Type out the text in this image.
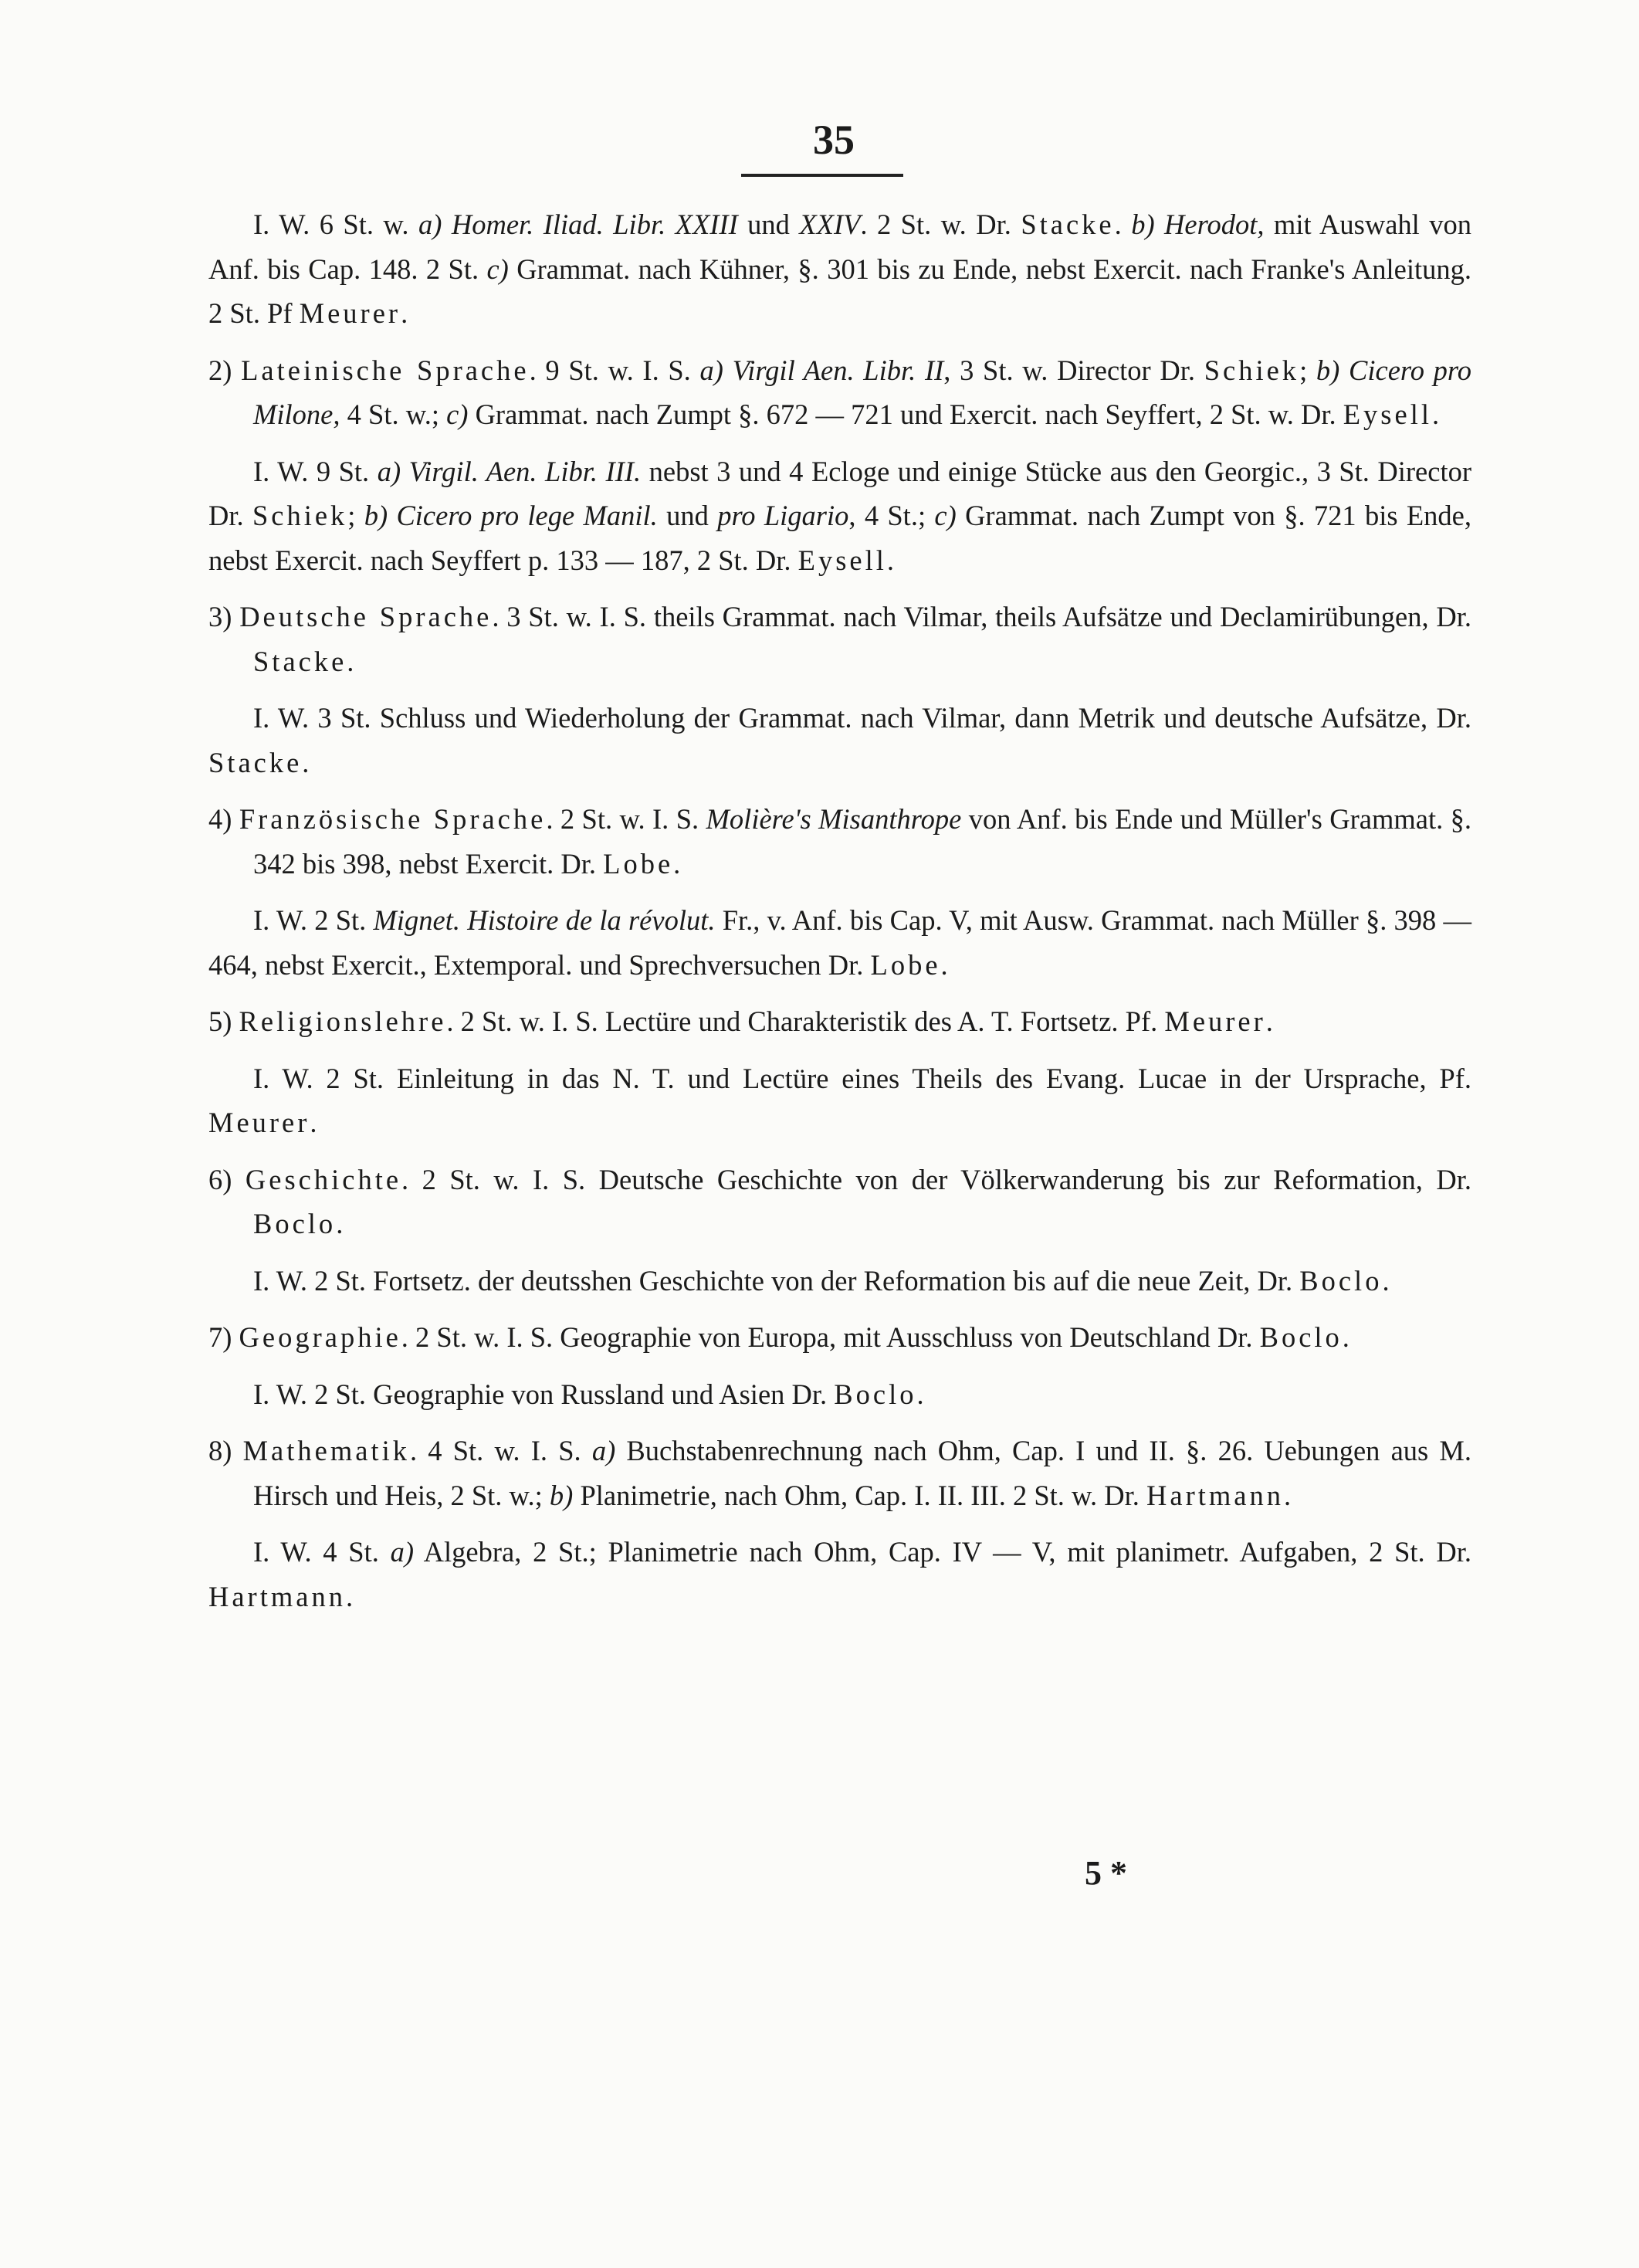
35

I. W. 6 St. w. a) Homer. Iliad. Libr. XXIII und XXIV. 2 St. w. Dr. Stacke. b) Herodot, mit Auswahl von Anf. bis Cap. 148. 2 St. c) Grammat. nach Kühner, §. 301 bis zu Ende, nebst Exercit. nach Franke's Anleitung. 2 St. Pf Meurer.

2) Lateinische Sprache. 9 St. w. I. S. a) Virgil Aen. Libr. II, 3 St. w. Director Dr. Schiek; b) Cicero pro Milone, 4 St. w.; c) Grammat. nach Zumpt §. 672 — 721 und Exercit. nach Seyffert, 2 St. w. Dr. Eysell.

I. W. 9 St. a) Virgil. Aen. Libr. III. nebst 3 und 4 Ecloge und einige Stücke aus den Georgic., 3 St. Director Dr. Schiek; b) Cicero pro lege Manil. und pro Ligario, 4 St.; c) Grammat. nach Zumpt von §. 721 bis Ende, nebst Exercit. nach Seyffert p. 133 — 187, 2 St. Dr. Eysell.

3) Deutsche Sprache. 3 St. w. I. S. theils Grammat. nach Vilmar, theils Aufsätze und Declamirübungen, Dr. Stacke.

I. W. 3 St. Schluss und Wiederholung der Grammat. nach Vilmar, dann Metrik und deutsche Aufsätze, Dr. Stacke.

4) Französische Sprache. 2 St. w. I. S. Molière's Misanthrope von Anf. bis Ende und Müller's Grammat. §. 342 bis 398, nebst Exercit. Dr. Lobe.

I. W. 2 St. Mignet. Histoire de la révolut. Fr., v. Anf. bis Cap. V, mit Ausw. Grammat. nach Müller §. 398 — 464, nebst Exercit., Extemporal. und Sprechversuchen Dr. Lobe.

5) Religionslehre. 2 St. w. I. S. Lectüre und Charakteristik des A. T. Fortsetz. Pf. Meurer.

I. W. 2 St. Einleitung in das N. T. und Lectüre eines Theils des Evang. Lucae in der Ursprache, Pf. Meurer.

6) Geschichte. 2 St. w. I. S. Deutsche Geschichte von der Völkerwanderung bis zur Reformation, Dr. Boclo.

I. W. 2 St. Fortsetz. der deutsshen Geschichte von der Reformation bis auf die neue Zeit, Dr. Boclo.

7) Geographie. 2 St. w. I. S. Geographie von Europa, mit Ausschluss von Deutschland Dr. Boclo.

I. W. 2 St. Geographie von Russland und Asien Dr. Boclo.

8) Mathematik. 4 St. w. I. S. a) Buchstabenrechnung nach Ohm, Cap. I und II. §. 26. Uebungen aus M. Hirsch und Heis, 2 St. w.; b) Planimetrie, nach Ohm, Cap. I. II. III. 2 St. w. Dr. Hartmann.

I. W. 4 St. a) Algebra, 2 St.; Planimetrie nach Ohm, Cap. IV — V, mit planimetr. Aufgaben, 2 St. Dr. Hartmann.

5 *
